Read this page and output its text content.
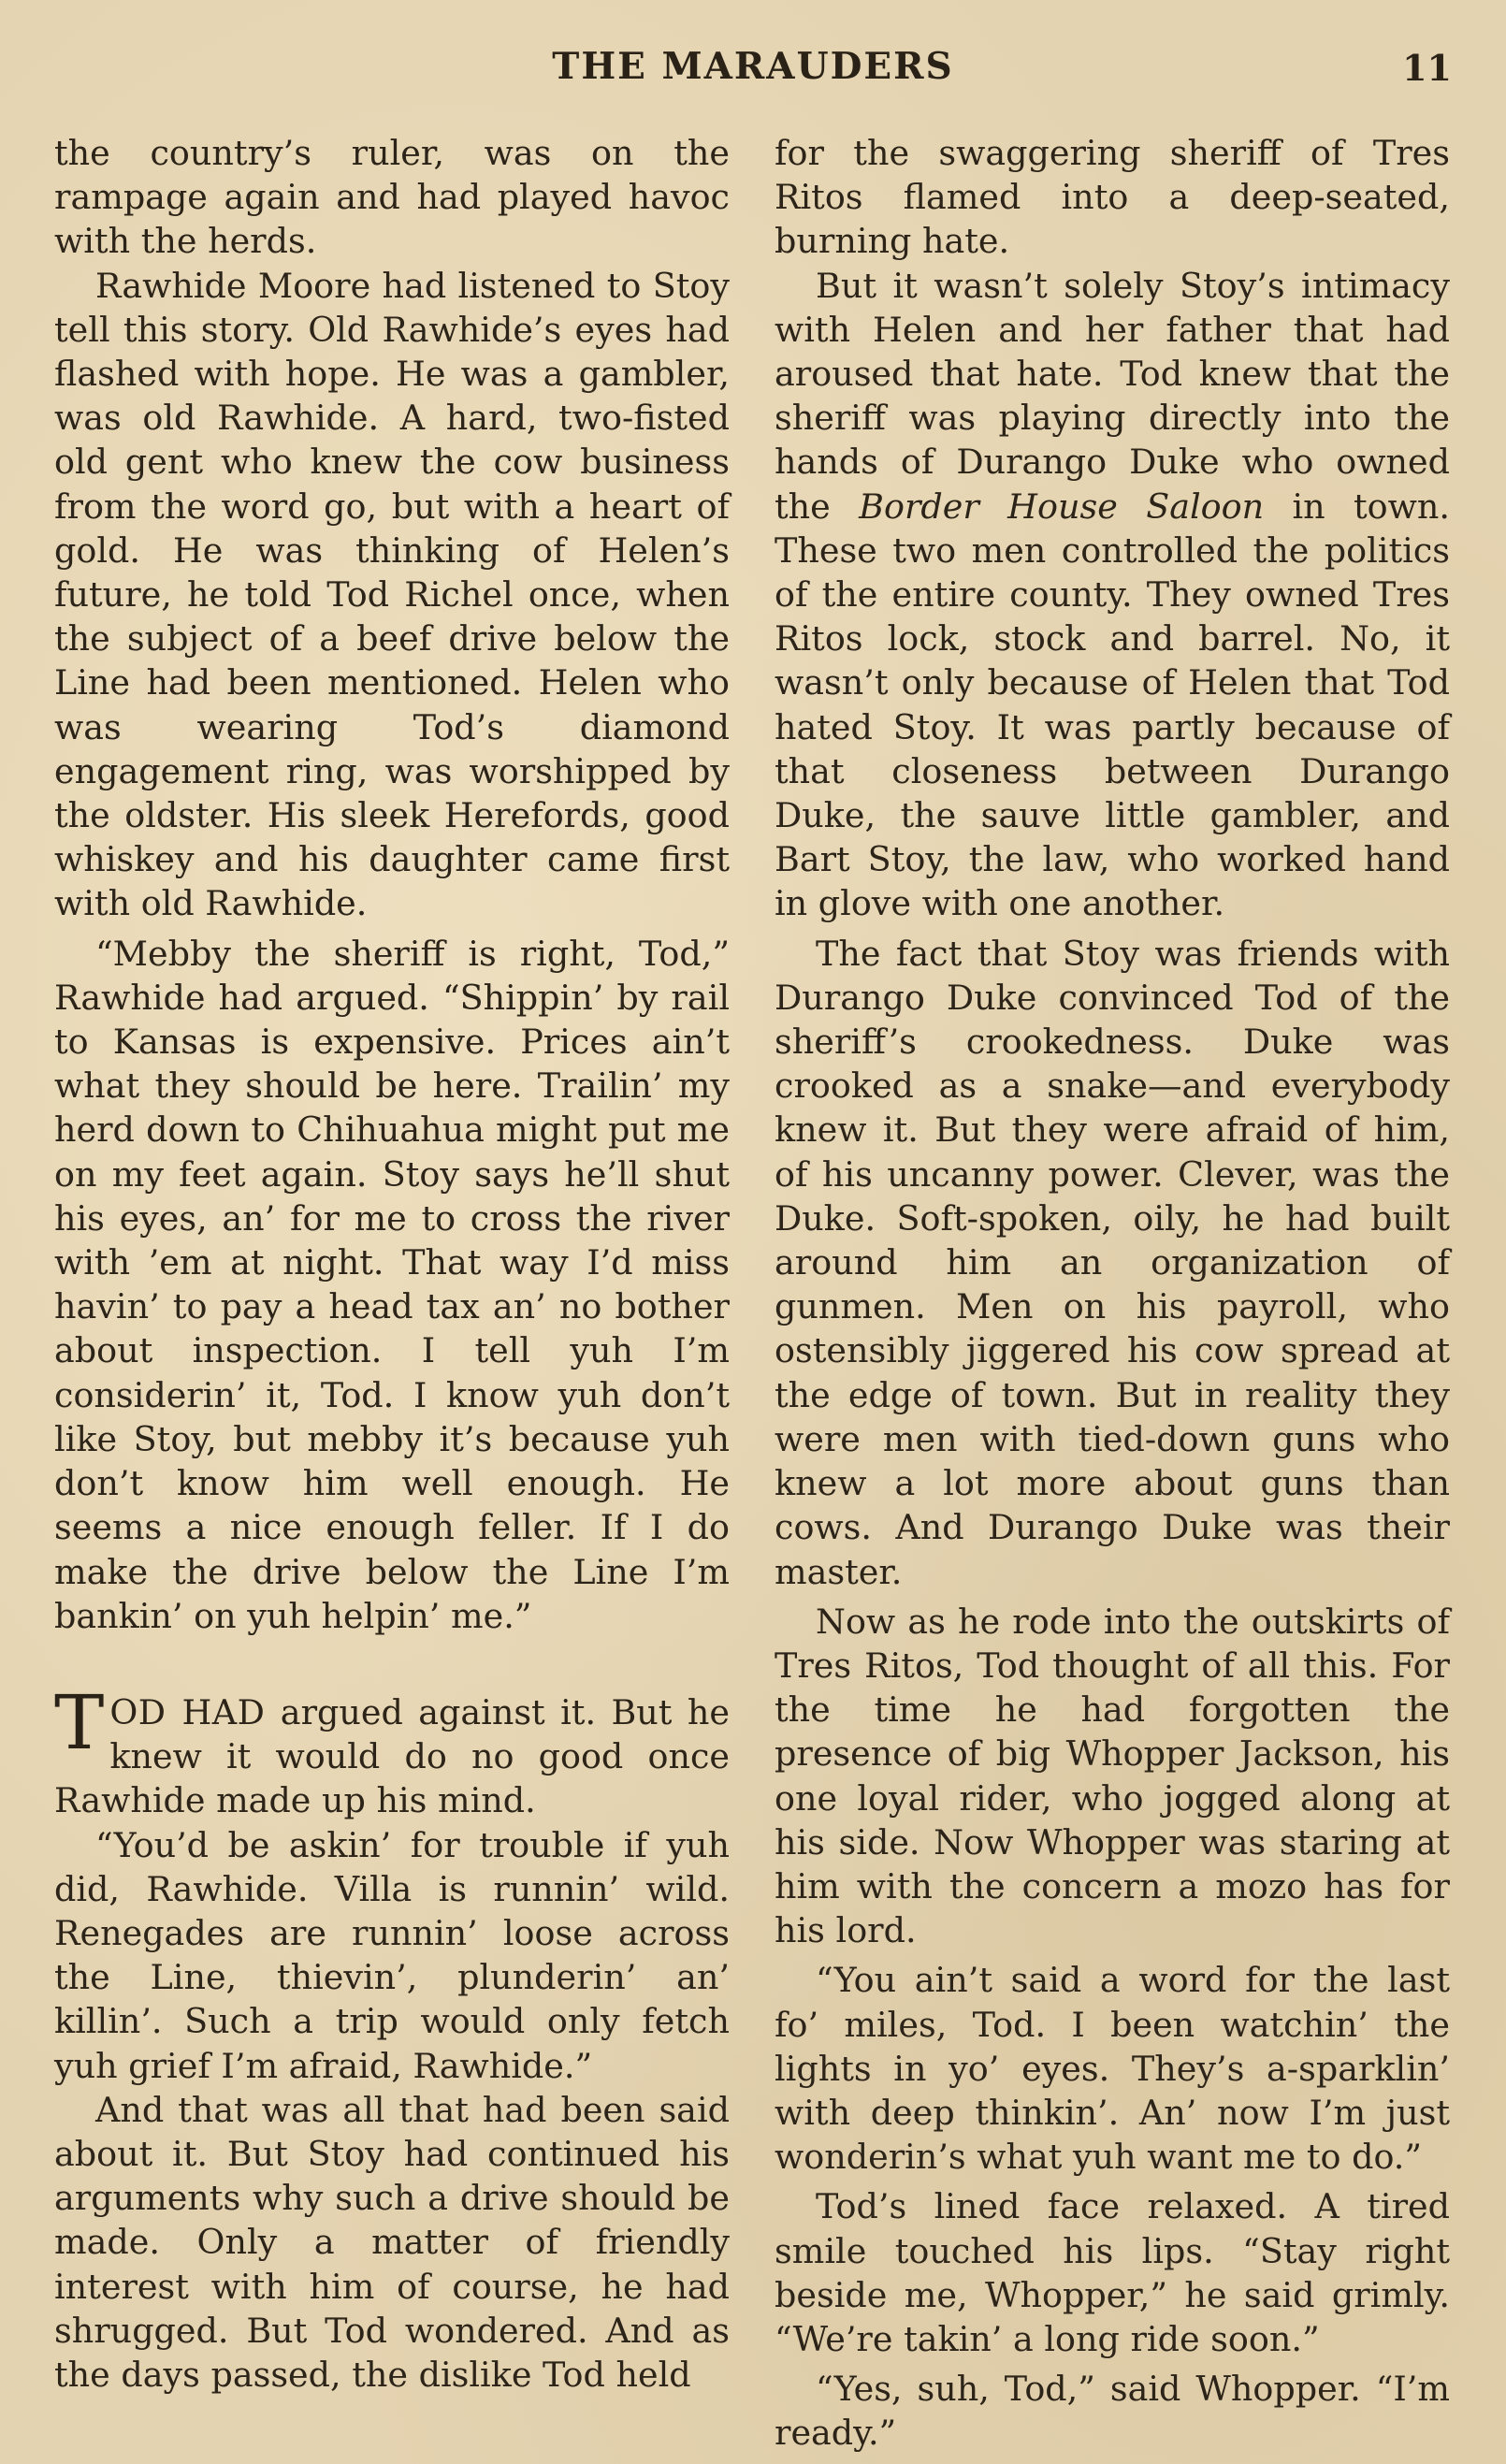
THE MARAUDERS	11

the country’s ruler, was on the rampage again and had played havoc with the herds.

Rawhide Moore had listened to Stoy tell this story. Old Rawhide’s eyes had flashed with hope. He was a gambler, was old Rawhide. A hard, two-fisted old gent who knew the cow business from the word go, but with a heart of gold. He was thinking of Helen’s future, he told Tod Richel once, when the subject of a beef drive below the Line had been mentioned. Helen who was wearing Tod’s diamond engagement ring, was worshipped by the oldster. His sleek Herefords, good whiskey and his daughter came first with old Rawhide.

“Mebby the sheriff is right, Tod,” Rawhide had argued. “Shippin’ by rail to Kansas is expensive. Prices ain’t what they should be here. Trailin’ my herd down to Chihuahua might put me on my feet again. Stoy says he’ll shut his eyes, an’ for me to cross the river with ’em at night. That way I’d miss havin’ to pay a head tax an’ no bother about inspection. I tell yuh I’m considerin’ it, Tod. I know yuh don’t like Stoy, but mebby it’s because yuh don’t know him well enough. He seems a nice enough feller. If I do make the drive below the Line I’m bankin’ on yuh helpin’ me.”

TOD HAD argued against it. But he knew it would do no good once Rawhide made up his mind.

“You’d be askin’ for trouble if yuh did, Rawhide. Villa is runnin’ wild. Renegades are runnin’ loose across the Line, thievin’, plunderin’ an’ killin’. Such a trip would only fetch yuh grief I’m afraid, Rawhide.”

And that was all that had been said about it. But Stoy had continued his arguments why such a drive should be made. Only a matter of friendly interest with him of course, he had shrugged. But Tod wondered. And as the days passed, the dislike Tod held

for the swaggering sheriff of Tres Ritos flamed into a deep-seated, burning hate.

But it wasn’t solely Stoy’s intimacy with Helen and her father that had aroused that hate. Tod knew that the sheriff was playing directly into the hands of Durango Duke who owned the Border House Saloon in town. These two men controlled the politics of the entire county. They owned Tres Ritos lock, stock and barrel. No, it wasn’t only because of Helen that Tod hated Stoy. It was partly because of that closeness between Durango Duke, the sauve little gambler, and Bart Stoy, the law, who worked hand in glove with one another.

The fact that Stoy was friends with Durango Duke convinced Tod of the sheriff’s crookedness. Duke was crooked as a snake—and everybody knew it. But they were afraid of him, of his uncanny power. Clever, was the Duke. Soft-spoken, oily, he had built around him an organization of gunmen. Men on his payroll, who ostensibly jiggered his cow spread at the edge of town. But in reality they were men with tied-down guns who knew a lot more about guns than cows. And Durango Duke was their master.

Now as he rode into the outskirts of Tres Ritos, Tod thought of all this. For the time he had forgotten the presence of big Whopper Jackson, his one loyal rider, who jogged along at his side. Now Whopper was staring at him with the concern a mozo has for his lord.

“You ain’t said a word for the last fo’ miles, Tod. I been watchin’ the lights in yo’ eyes. They’s a-sparklin’ with deep thinkin’. An’ now I’m just wonderin’s what yuh want me to do.”

Tod’s lined face relaxed. A tired smile touched his lips. “Stay right beside me, Whopper,” he said grimly. “We’re takin’ a long ride soon.”

“Yes, suh, Tod,” said Whopper. “I’m ready.”
